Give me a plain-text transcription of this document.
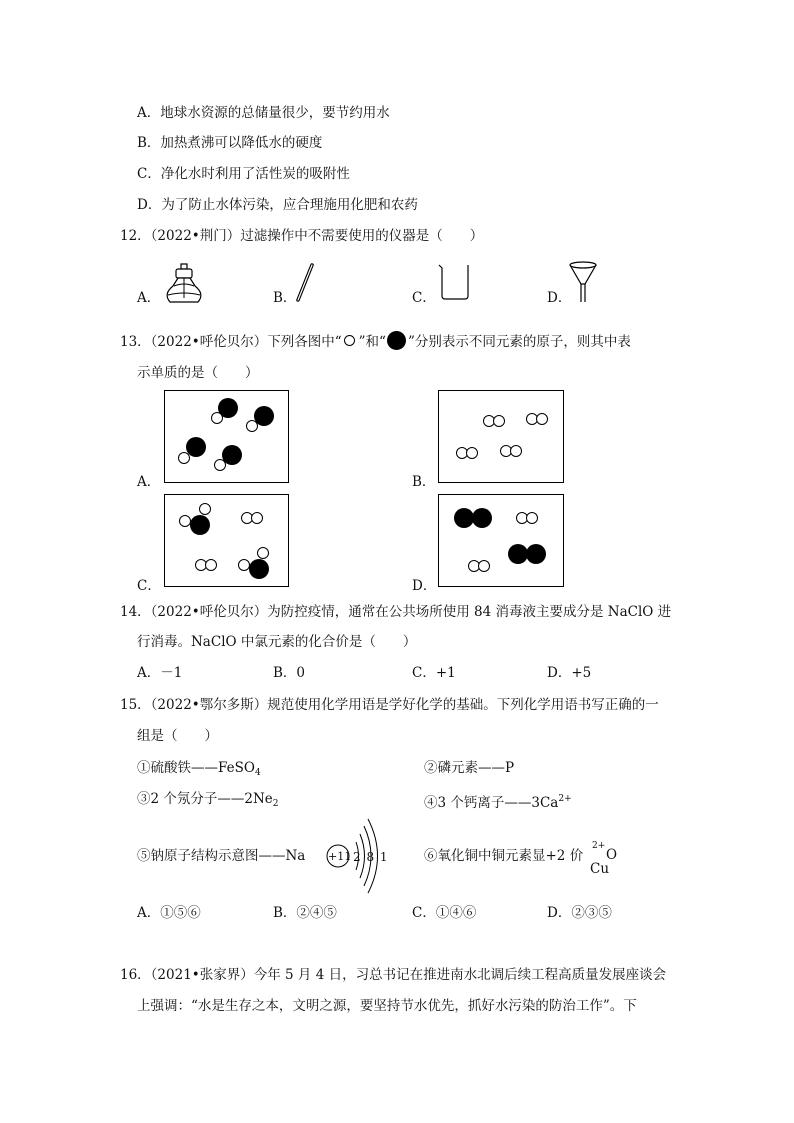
A．地球水资源的总储量很少，要节约用水
B．加热煮沸可以降低水的硬度
C．净化水时利用了活性炭的吸附性
D．为了防止水体污染，应合理施用化肥和农药
12．（2022•荆门）过滤操作中不需要使用的仪器是（　　）
A．	B．	C．	D．
13．（2022•呼伦贝尔）下列各图中“ ”和“ ”分别表示不同元素的原子，则其中表
示单质的是（　　）
A．	B．
C．	D．
14．（2022•呼伦贝尔）为防控疫情，通常在公共场所使用 84 消毒液主要成分是 NaClO 进
行消毒。NaClO 中氯元素的化合价是（　　）
A．－1	B．0	C．+1	D．+5
15．（2022•鄂尔多斯）规范使用化学用语是学好化学的基础。下列化学用语书写正确的一
组是（　　）
①硫酸铁——FeSO$_4$	②磷元素——P
③2 个氖分子$——2Ne_2$	④3 个钙离子$——3Ca^{2+}$
⑤钠原子结构示意图——Na +11 2 8 1	⑥氧化铜中铜元素显+2 价
2+
O
Cu
A．①⑤⑥	B．②④⑤	C．①④⑥	D．②③⑤
16．（2021•张家界）今年 5 月 4 日，习总书记在推进南水北调后续工程高质量发展座谈会
上强调：“水是生存之本，文明之源，要坚持节水优先，抓好水污染的防治工作”。下
